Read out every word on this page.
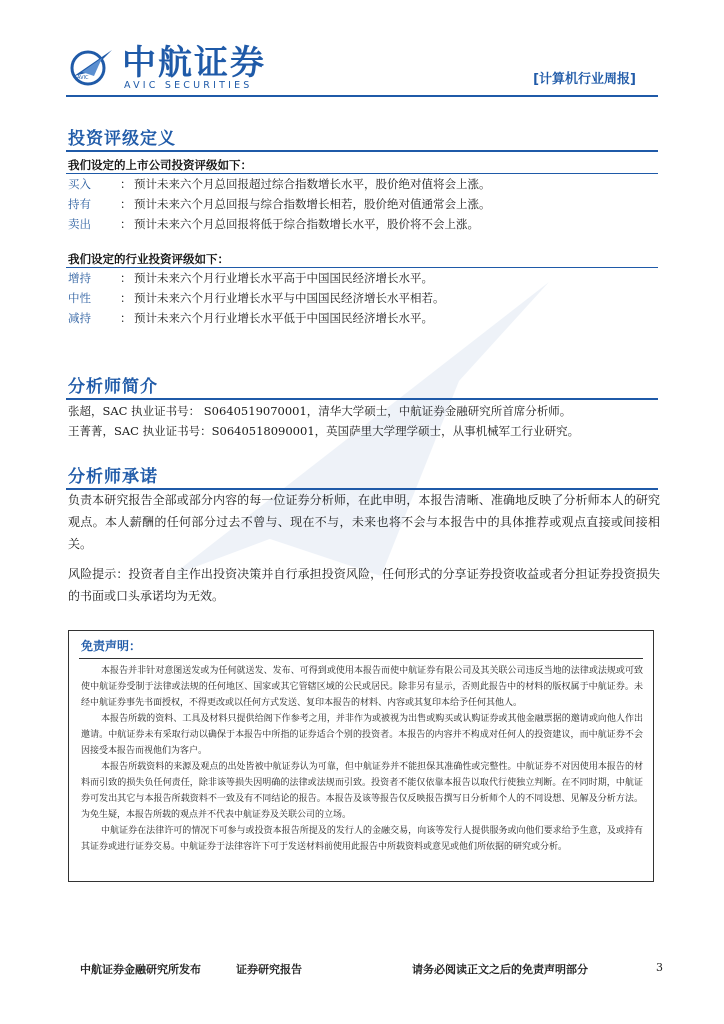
AVIC 中航证券
AVIC SECURITIES	[计算机行业周报]
投资评级定义
我们设定的上市公司投资评级如下：
买入	： 预计未来六个月总回报超过综合指数增长水平，股价绝对值将会上涨。
持有	： 预计未来六个月总回报与综合指数增长相若，股价绝对值通常会上涨。
卖出	： 预计未来六个月总回报将低于综合指数增长水平，股价将不会上涨。
我们设定的行业投资评级如下：
增持	： 预计未来六个月行业增长水平高于中国国民经济增长水平。
中性	： 预计未来六个月行业增长水平与中国国民经济增长水平相若。
减持	： 预计未来六个月行业增长水平低于中国国民经济增长水平。
分析师简介
张超，SAC 执业证书号： S0640519070001，清华大学硕士，中航证券金融研究所首席分析师。
王菁菁，SAC 执业证书号：S0640518090001，英国萨里大学理学硕士，从事机械军工行业研究。
分析师承诺
负责本研究报告全部或部分内容的每一位证券分析师，在此申明，本报告清晰、准确地反映了分析师本人的研究观点。本人薪酬的任何部分过去不曾与、现在不与，未来也将不会与本报告中的具体推荐或观点直接或间接相关。
风险提示：投资者自主作出投资决策并自行承担投资风险，任何形式的分享证券投资收益或者分担证券投资损失的书面或口头承诺均为无效。
免责声明：

本报告并非针对意图送发或为任何就送发、发布、可得到或使用本报告而使中航证券有限公司及其关联公司违反当地的法律或法规或可致使中航证券受制于法律或法规的任何地区、国家或其它管辖区域的公民或居民。除非另有显示，否则此报告中的材料的版权属于中航证券。未经中航证券事先书面授权，不得更改或以任何方式发送、复印本报告的材料、内容或其复印本给予任何其他人。

本报告所载的资料、工具及材料只提供给阁下作参考之用，并非作为或被视为出售或购买或认购证券或其他金融票据的邀请或向他人作出邀请。中航证券未有采取行动以确保于本报告中所指的证券适合个别的投资者。本报告的内容并不构成对任何人的投资建议，而中航证券不会因接受本报告而视他们为客户。

本报告所载资料的来源及观点的出处皆被中航证券认为可靠，但中航证券并不能担保其准确性或完整性。中航证券不对因使用本报告的材料而引致的损失负任何责任，除非该等损失因明确的法律或法规而引致。投资者不能仅依靠本报告以取代行使独立判断。在不同时期，中航证券可发出其它与本报告所载资料不一致及有不同结论的报告。本报告及该等报告仅反映报告撰写日分析师个人的不同设想、见解及分析方法。为免生疑，本报告所载的观点并不代表中航证券及关联公司的立场。

中航证券在法律许可的情况下可参与或投资本报告所提及的发行人的金融交易，向该等发行人提供服务或向他们要求给予生意，及或持有其证券或进行证券交易。中航证券于法律容许下可于发送材料前使用此报告中所载资料或意见或他们所依据的研究或分析。

中航证券金融研究所发布	证券研究报告	请务必阅读正文之后的免责声明部分	3
